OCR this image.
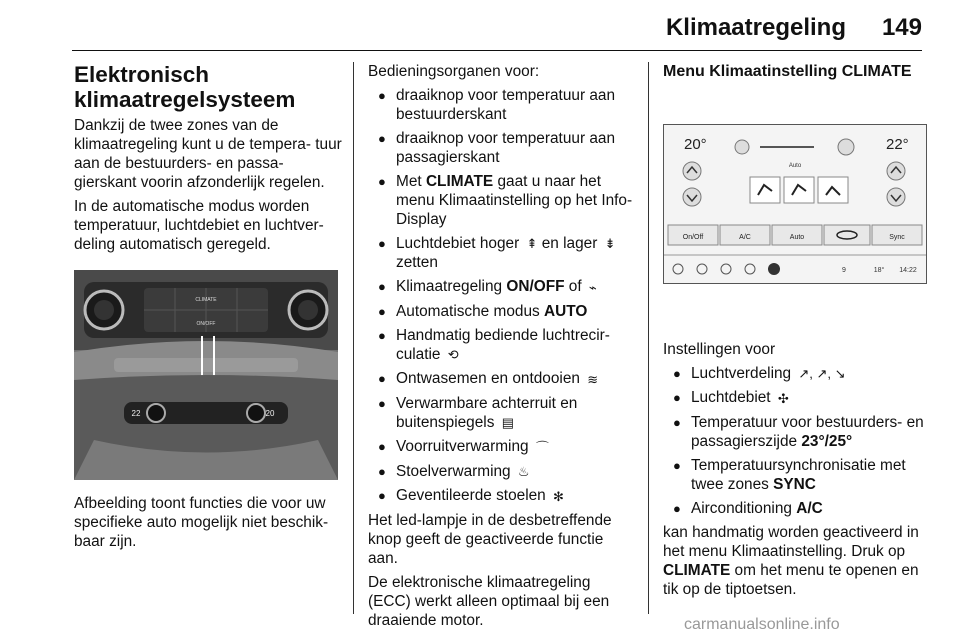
Klimaatregeling 149
Elektronisch klimaatregelsysteem

Dankzij de twee zones van de klimaatregeling kunt u de tempera- tuur aan de bestuurders- en passa- gierskant voorin afzonderlijk regelen.

In de automatische modus worden temperatuur, luchtdebiet en luchtver- deling automatisch geregeld.

CLIMATE
ON/OFF
22	20

Afbeelding toont functies die voor uw specifieke auto mogelijk niet beschik- baar zijn.

Bedieningsorganen voor:

● draaiknop voor temperatuur aan bestuurderskant
● draaiknop voor temperatuur aan passagierskant
● Met CLIMATE gaat u naar het menu Klimaatinstelling op het Info-Display
● Luchtdebiet hoger ⇞ en lager ⇟
zetten
● Klimaatregeling ON/OFF of ⌁
● Automatische modus AUTO
● Handmatig bediende luchtrecir- culatie ⟲
● Ontwasemen en ontdooien ≋
● Verwarmbare achterruit en buitenspiegels ▤
● Voorruitverwarming ⌒
● Stoelverwarming ♨
● Geventileerde stoelen ✻

Het led-lampje in de desbetreffende knop geeft de geactiveerde functie aan.

De elektronische klimaatregeling (ECC) werkt alleen optimaal bij een draaiende motor.

Menu Klimaatinstelling CLIMATE
20°	22°
Auto
On/Off	A/C	Auto	Sync
9	18° 14:22

Instellingen voor

● Luchtverdeling ↗, ↗, ↘
● Luchtdebiet ✣
● Temperatuur voor bestuurders- en passagierszijde 23°/25°
● Temperatuursynchronisatie met twee zones SYNC
● Airconditioning A/C

kan handmatig worden geactiveerd in het menu Klimaatinstelling. Druk op CLIMATE om het menu te openen en tik op de tiptoetsen.

carmanualsonline.info
